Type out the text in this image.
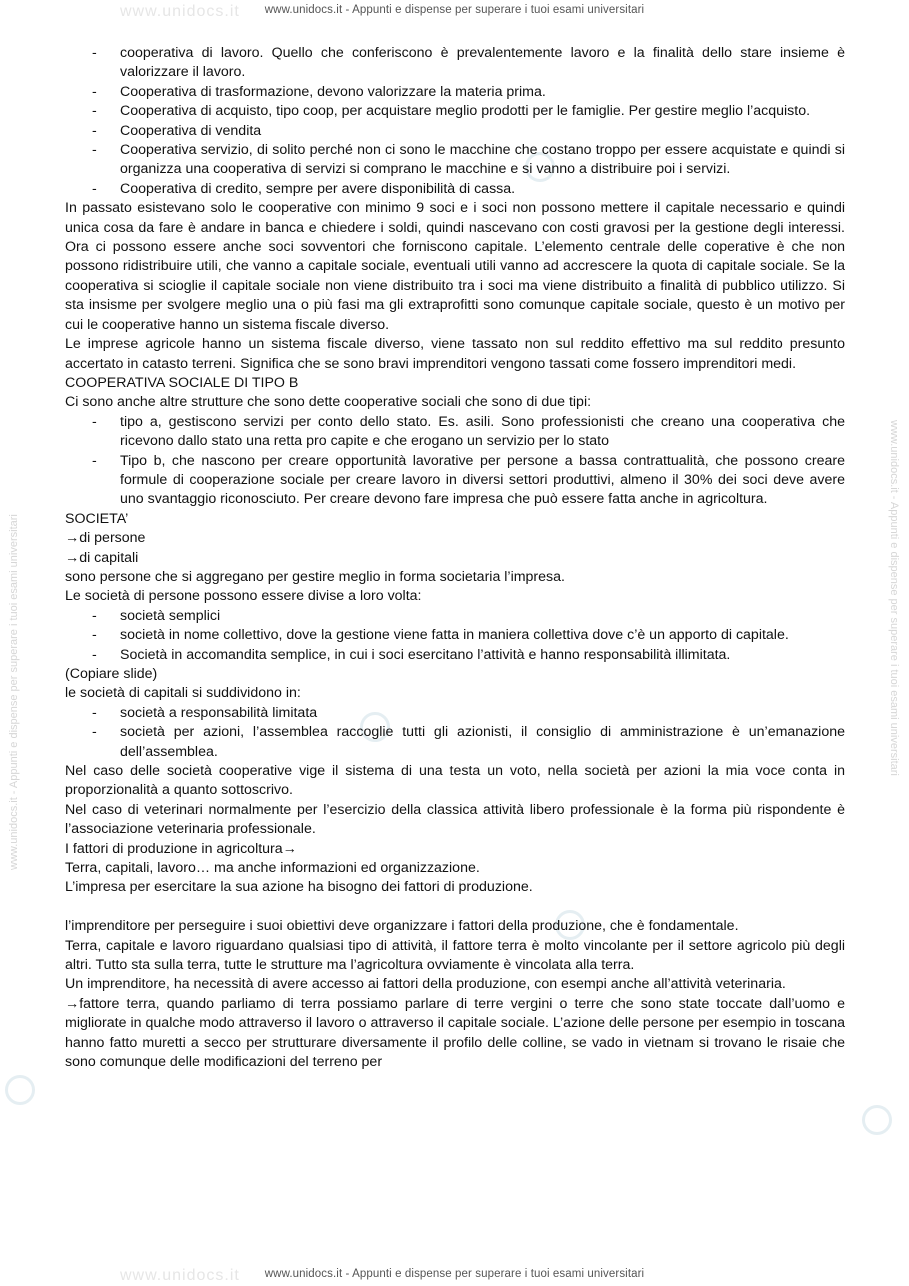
www.unidocs.it - Appunti e dispense per superare i tuoi esami universitari
www.unidocs.it
www.unidocs.it
www.unidocs.it - Appunti e dispense per superare i tuoi esami universitari	www.unidocs.it - Appunti e dispense per superare i tuoi esami universitari

- cooperativa di lavoro. Quello che conferiscono è prevalentemente lavoro e la finalità dello stare insieme è valorizzare il lavoro.

- Cooperativa di trasformazione, devono valorizzare la materia prima.

- Cooperativa di acquisto, tipo coop, per acquistare meglio prodotti per le famiglie. Per gestire meglio l’acquisto.

- Cooperativa di vendita

- Cooperativa servizio, di solito perché non ci sono le macchine che costano troppo per essere acquistate e quindi si organizza una cooperativa di servizi si comprano le macchine e si vanno a distribuire poi i servizi.

- Cooperativa di credito, sempre per avere disponibilità di cassa.

In passato esistevano solo le cooperative con minimo 9 soci e i soci non possono mettere il capitale necessario e quindi unica cosa da fare è andare in banca e chiedere i soldi, quindi nascevano con costi gravosi per la gestione degli interessi. Ora ci possono essere anche soci sovventori che forniscono capitale. L’elemento centrale delle coperative è che non possono ridistribuire utili, che vanno a capitale sociale, eventuali utili vanno ad accrescere la quota di capitale sociale. Se la cooperativa si scioglie il capitale sociale non viene distribuito tra i soci ma viene distribuito a finalità di pubblico utilizzo. Si sta insisme per svolgere meglio una o più fasi ma gli extraprofitti sono comunque capitale sociale, questo è un motivo per cui le cooperative hanno un sistema fiscale diverso.

Le imprese agricole hanno un sistema fiscale diverso, viene tassato non sul reddito effettivo ma sul reddito presunto accertato in catasto terreni. Significa che se sono bravi imprenditori vengono tassati come fossero imprenditori medi.

COOPERATIVA SOCIALE DI TIPO B

Ci sono anche altre strutture che sono dette cooperative sociali che sono di due tipi:

- tipo a, gestiscono servizi per conto dello stato. Es. asili. Sono professionisti che creano una cooperativa che ricevono dallo stato una retta pro capite e che erogano un servizio per lo stato

- Tipo b, che nascono per creare opportunità lavorative per persone a bassa contrattualità, che possono creare formule di cooperazione sociale per creare lavoro in diversi settori produttivi, almeno il 30% dei soci deve avere uno svantaggio riconosciuto. Per creare devono fare impresa che può essere fatta anche in agricoltura.

SOCIETA’

→di persone

→di capitali

sono persone che si aggregano per gestire meglio in forma societaria l’impresa.

Le società di persone possono essere divise a loro volta:

- società semplici

- società in nome collettivo, dove la gestione viene fatta in maniera collettiva dove c’è un apporto di capitale.

- Società in accomandita semplice, in cui i soci esercitano l’attività e hanno responsabilità illimitata.

(Copiare slide)

le società di capitali si suddividono in:

- società a responsabilità limitata

- società per azioni, l’assemblea raccoglie tutti gli azionisti, il consiglio di amministrazione è un’emanazione dell’assemblea.

Nel caso delle società cooperative vige il sistema di una testa un voto, nella società per azioni la mia voce conta in proporzionalità a quanto sottoscrivo.

Nel caso di veterinari normalmente per l’esercizio della classica attività libero professionale è la forma più rispondente è l’associazione veterinaria professionale.

I fattori di produzione in agricoltura→

Terra, capitali, lavoro… ma anche informazioni ed organizzazione.

L’impresa per esercitare la sua azione ha bisogno dei fattori di produzione.

l’imprenditore per perseguire i suoi obiettivi deve organizzare i fattori della produzione, che è fondamentale.

Terra, capitale e lavoro riguardano qualsiasi tipo di attività, il fattore terra è molto vincolante per il settore agricolo più degli altri. Tutto sta sulla terra, tutte le strutture ma l’agricoltura ovviamente è vincolata alla terra.

Un imprenditore, ha necessità di avere accesso ai fattori della produzione, con esempi anche all’attività veterinaria.

→fattore terra, quando parliamo di terra possiamo parlare di terre vergini o terre che sono state toccate dall’uomo e migliorate in qualche modo attraverso il lavoro o attraverso il capitale sociale. L’azione delle persone per esempio in toscana hanno fatto muretti a secco per strutturare diversamente il profilo delle colline, se vado in vietnam si trovano le risaie che sono comunque delle modificazioni del terreno per

www.unidocs.it - Appunti e dispense per superare i tuoi esami universitari
